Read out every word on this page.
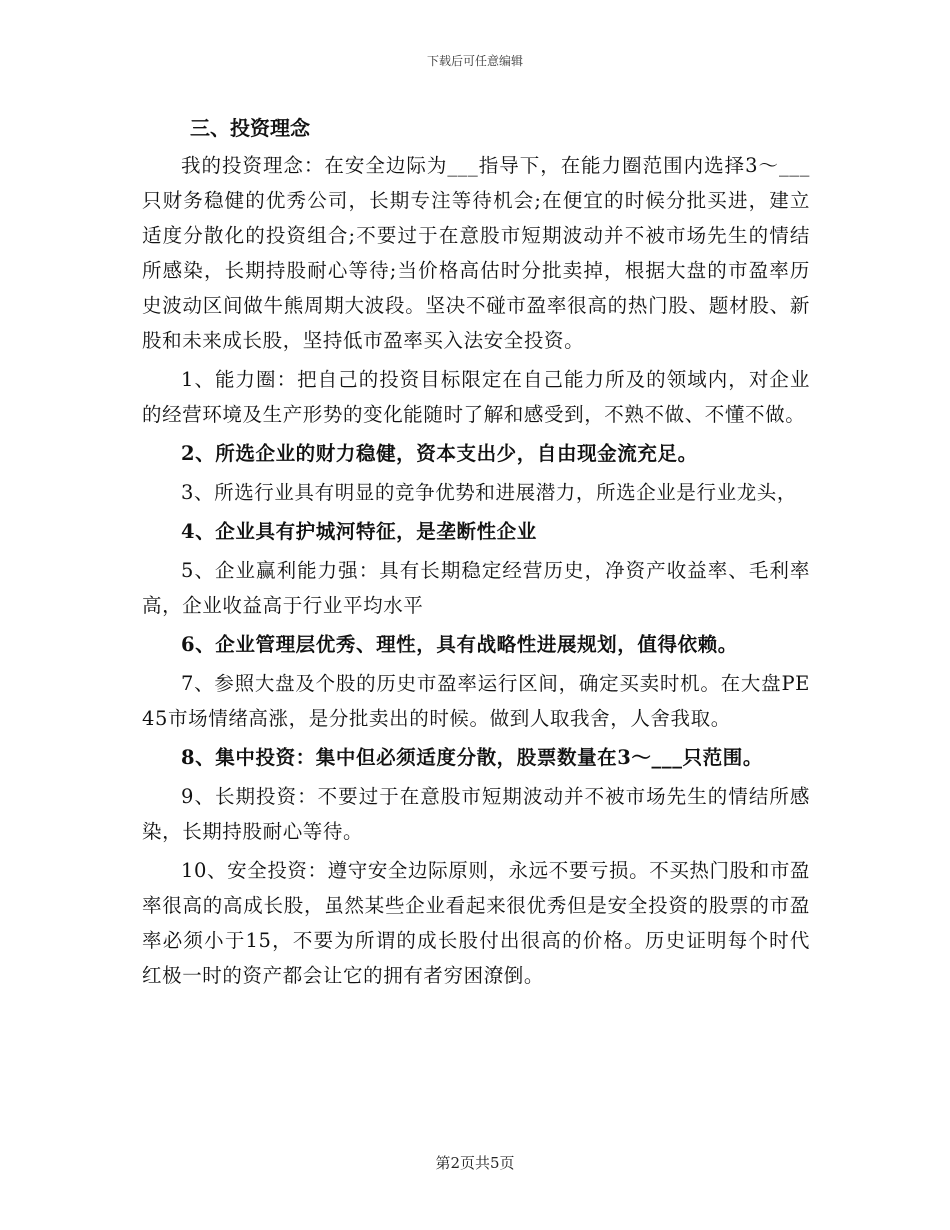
下载后可任意编辑
三、投资理念

我的投资理念：在安全边际为___指导下，在能力圈范围内选择3～___只财务稳健的优秀公司，长期专注等待机会;在便宜的时候分批买进，建立适度分散化的投资组合;不要过于在意股市短期波动并不被市场先生的情结所感染，长期持股耐心等待;当价格高估时分批卖掉，根据大盘的市盈率历史波动区间做牛熊周期大波段。坚决不碰市盈率很高的热门股、题材股、新股和未来成长股，坚持低市盈率买入法安全投资。

1、能力圈：把自己的投资目标限定在自己能力所及的领域内，对企业的经营环境及生产形势的变化能随时了解和感受到，不熟不做、不懂不做。

2、所选企业的财力稳健，资本支出少，自由现金流充足。

3、所选行业具有明显的竞争优势和进展潜力，所选企业是行业龙头，

4、企业具有护城河特征，是垄断性企业

5、企业赢利能力强：具有长期稳定经营历史，净资产收益率、毛利率高，企业收益高于行业平均水平

6、企业管理层优秀、理性，具有战略性进展规划，值得依赖。

7、参照大盘及个股的历史市盈率运行区间，确定买卖时机。在大盘PE45市场情绪高涨，是分批卖出的时候。做到人取我舍，人舍我取。

8、集中投资：集中但必须适度分散，股票数量在3～___只范围。

9、长期投资：不要过于在意股市短期波动并不被市场先生的情结所感染，长期持股耐心等待。

10、安全投资：遵守安全边际原则，永远不要亏损。不买热门股和市盈率很高的高成长股，虽然某些企业看起来很优秀但是安全投资的股票的市盈率必须小于15，不要为所谓的成长股付出很高的价格。历史证明每个时代红极一时的资产都会让它的拥有者穷困潦倒。

第2页共5页
